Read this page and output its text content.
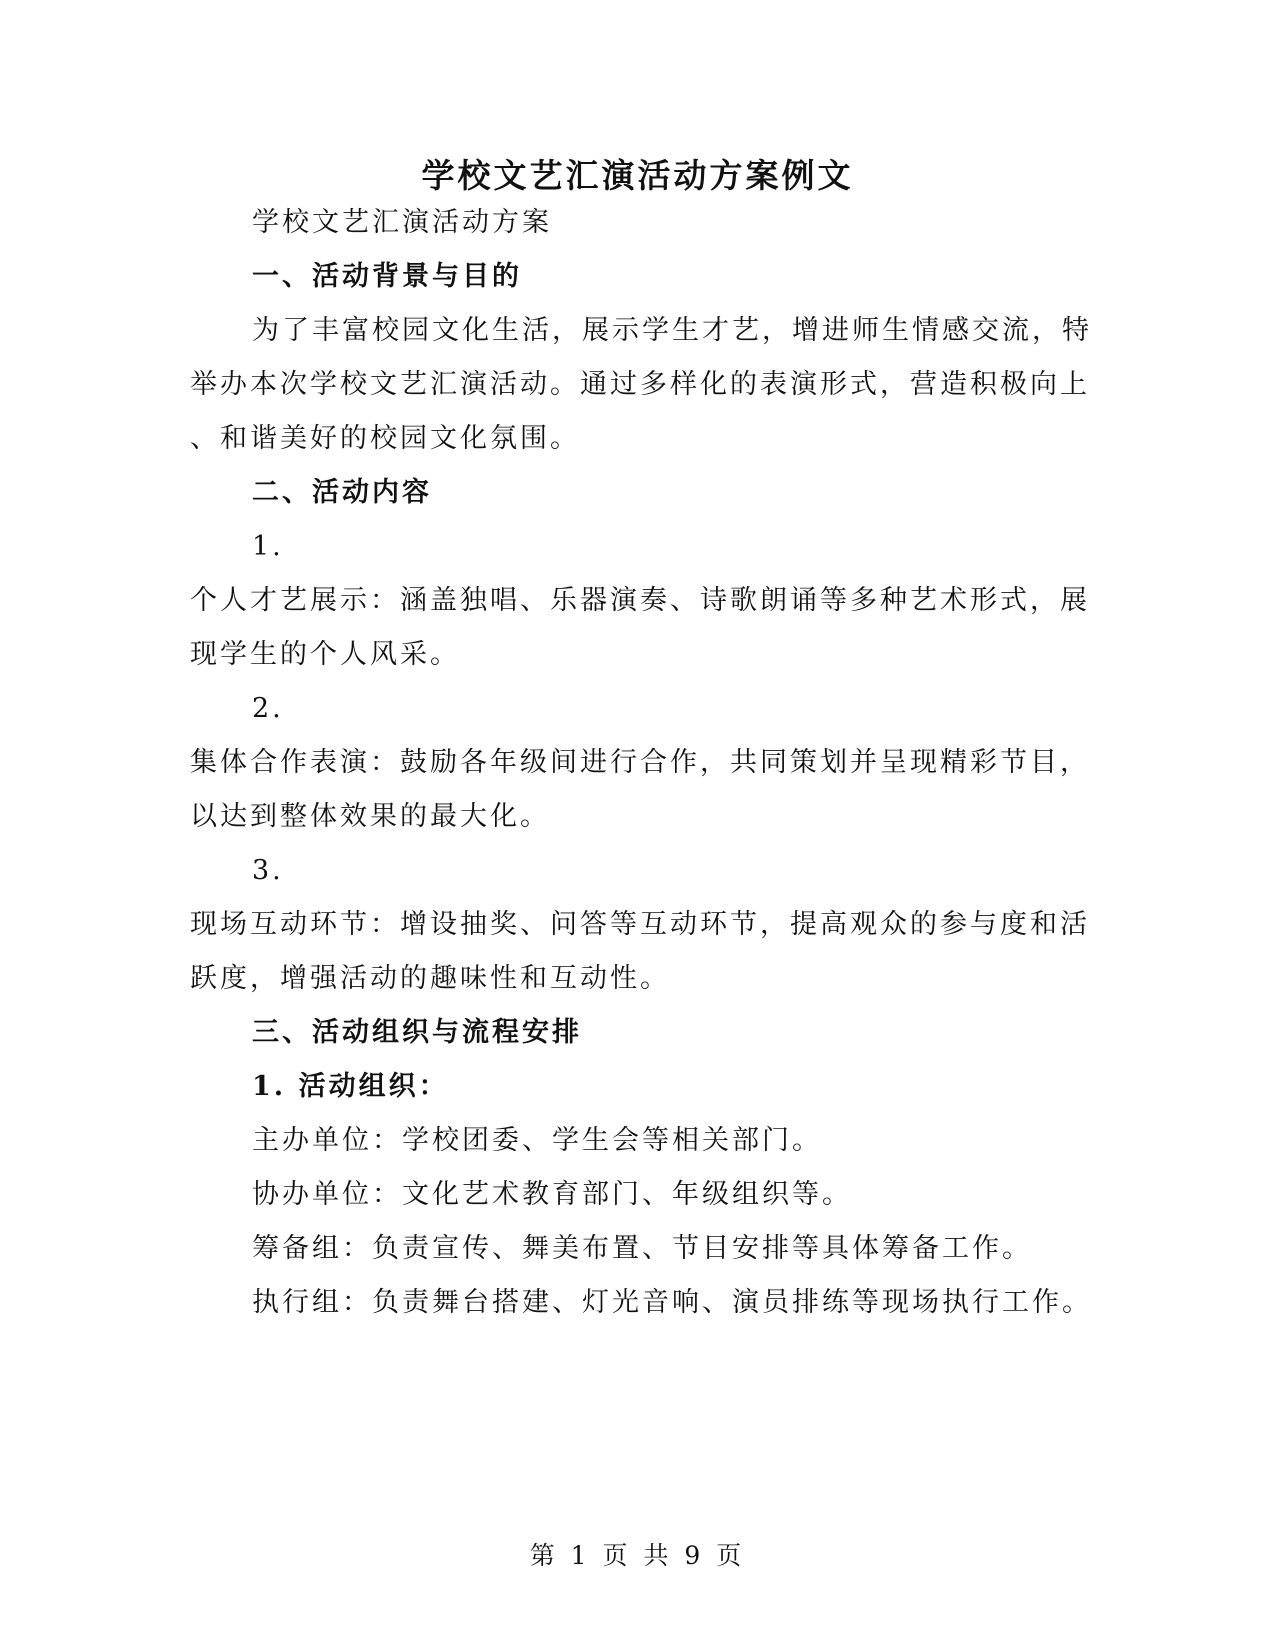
学校文艺汇演活动方案例文
学校文艺汇演活动方案
一、活动背景与目的
为了丰富校园文化生活，展示学生才艺，增进师生情感交流，特
举办本次学校文艺汇演活动。通过多样化的表演形式，营造积极向上
、和谐美好的校园文化氛围。
二、活动内容
1.
个人才艺展示：涵盖独唱、乐器演奏、诗歌朗诵等多种艺术形式，展
现学生的个人风采。
2.
集体合作表演：鼓励各年级间进行合作，共同策划并呈现精彩节目，
以达到整体效果的最大化。
3.
现场互动环节：增设抽奖、问答等互动环节，提高观众的参与度和活
跃度，增强活动的趣味性和互动性。
三、活动组织与流程安排
1. 活动组织：
主办单位：学校团委、学生会等相关部门。
协办单位：文化艺术教育部门、年级组织等。
筹备组：负责宣传、舞美布置、节目安排等具体筹备工作。
执行组：负责舞台搭建、灯光音响、演员排练等现场执行工作。
第 1 页 共 9 页
